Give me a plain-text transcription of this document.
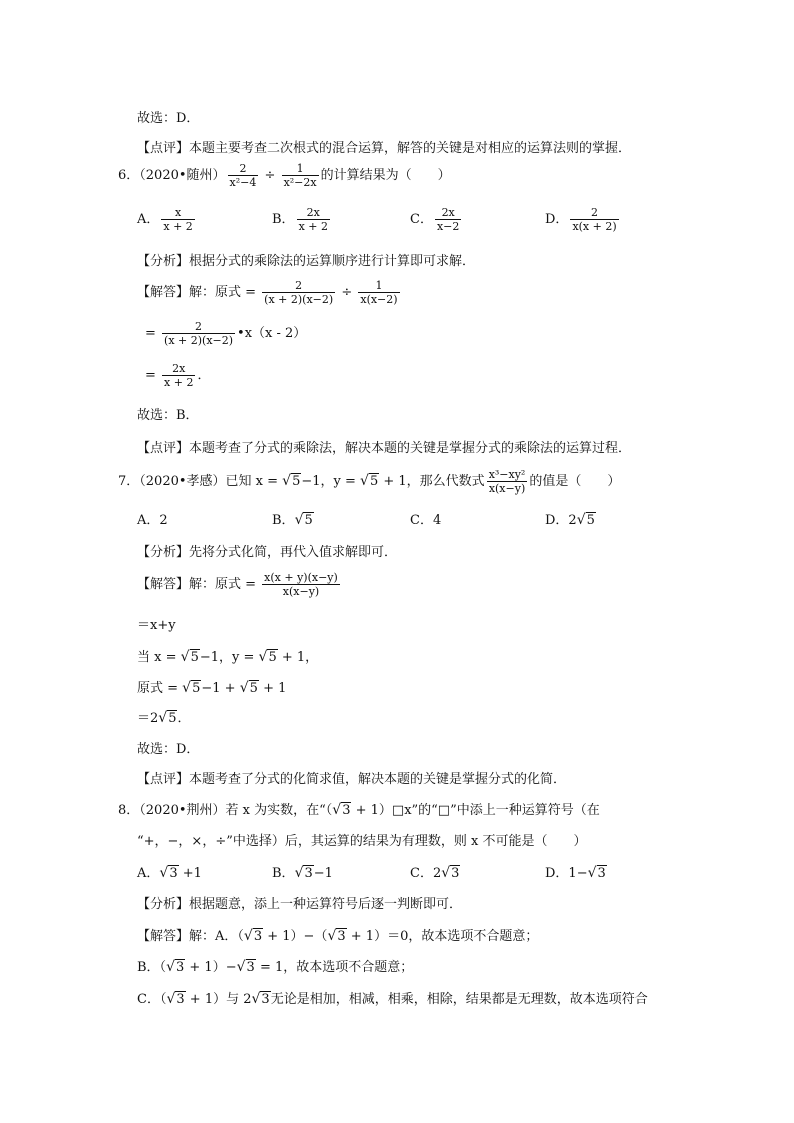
故选：D．
【点评】本题主要考查二次根式的混合运算，解答的关键是对相应的运算法则的掌握．
6．（2020•随州） $\frac{2}{\text{x²−4}} \div \frac{1}{\text{x²−2x}}$ 的计算结果为（　　）
A． $\frac{x}{x + 2}$	B． $\frac{2x}{x + 2}$	C． $\frac{2x}{x-2}$	D． $\frac{2}{x(x + 2)}$
【分析】根据分式的乘除法的运算顺序进行计算即可求解．
【解答】解：原式 = $\frac{2}{(x + 2)(x-2)} \div \frac{1}{x(x-2)}$
= $\frac{2}{(x + 2)(x-2)}$ •x（x - 2）
= $\frac{2x}{x + 2}$ ．
故选：B．
【点评】本题考查了分式的乘除法，解决本题的关键是掌握分式的乘除法的运算过程．
7．（2020•孝感）已知 x = √5−1，y = √5 + 1，那么代数式 $\frac{\text{x³−xy²}}{x(x-y)}$ 的值是（　　）
A．2	B．√5	C．4	D．2√5
【分析】先将分式化简，再代入值求解即可．
【解答】解：原式 = $\frac{x(x + y)(x-y)}{x(x-y)}$
＝x+y
当 x = √5−1，y = √5 + 1，
原式 = √5−1 + √5 + 1
＝2√5．
故选：D．
【点评】本题考查了分式的化简求值，解决本题的关键是掌握分式的化简．
8．（2020•荆州）若 x 为实数，在“（√3 + 1）□x”的“□”中添上一种运算符号（在
“+，−，×，÷”中选择）后，其运算的结果为有理数，则 x 不可能是（　　）
A．√3 +1	B．√3−1	C．2√3	D．1−√3
【分析】根据题意，添上一种运算符号后逐一判断即可．
【解答】解：A．（√3 + 1）−（√3 + 1）＝0，故本选项不合题意；
B．（√3 + 1）−√3 = 1，故本选项不合题意；
C．（√3 + 1）与 2√3无论是相加，相减，相乘，相除，结果都是无理数，故本选项符合
